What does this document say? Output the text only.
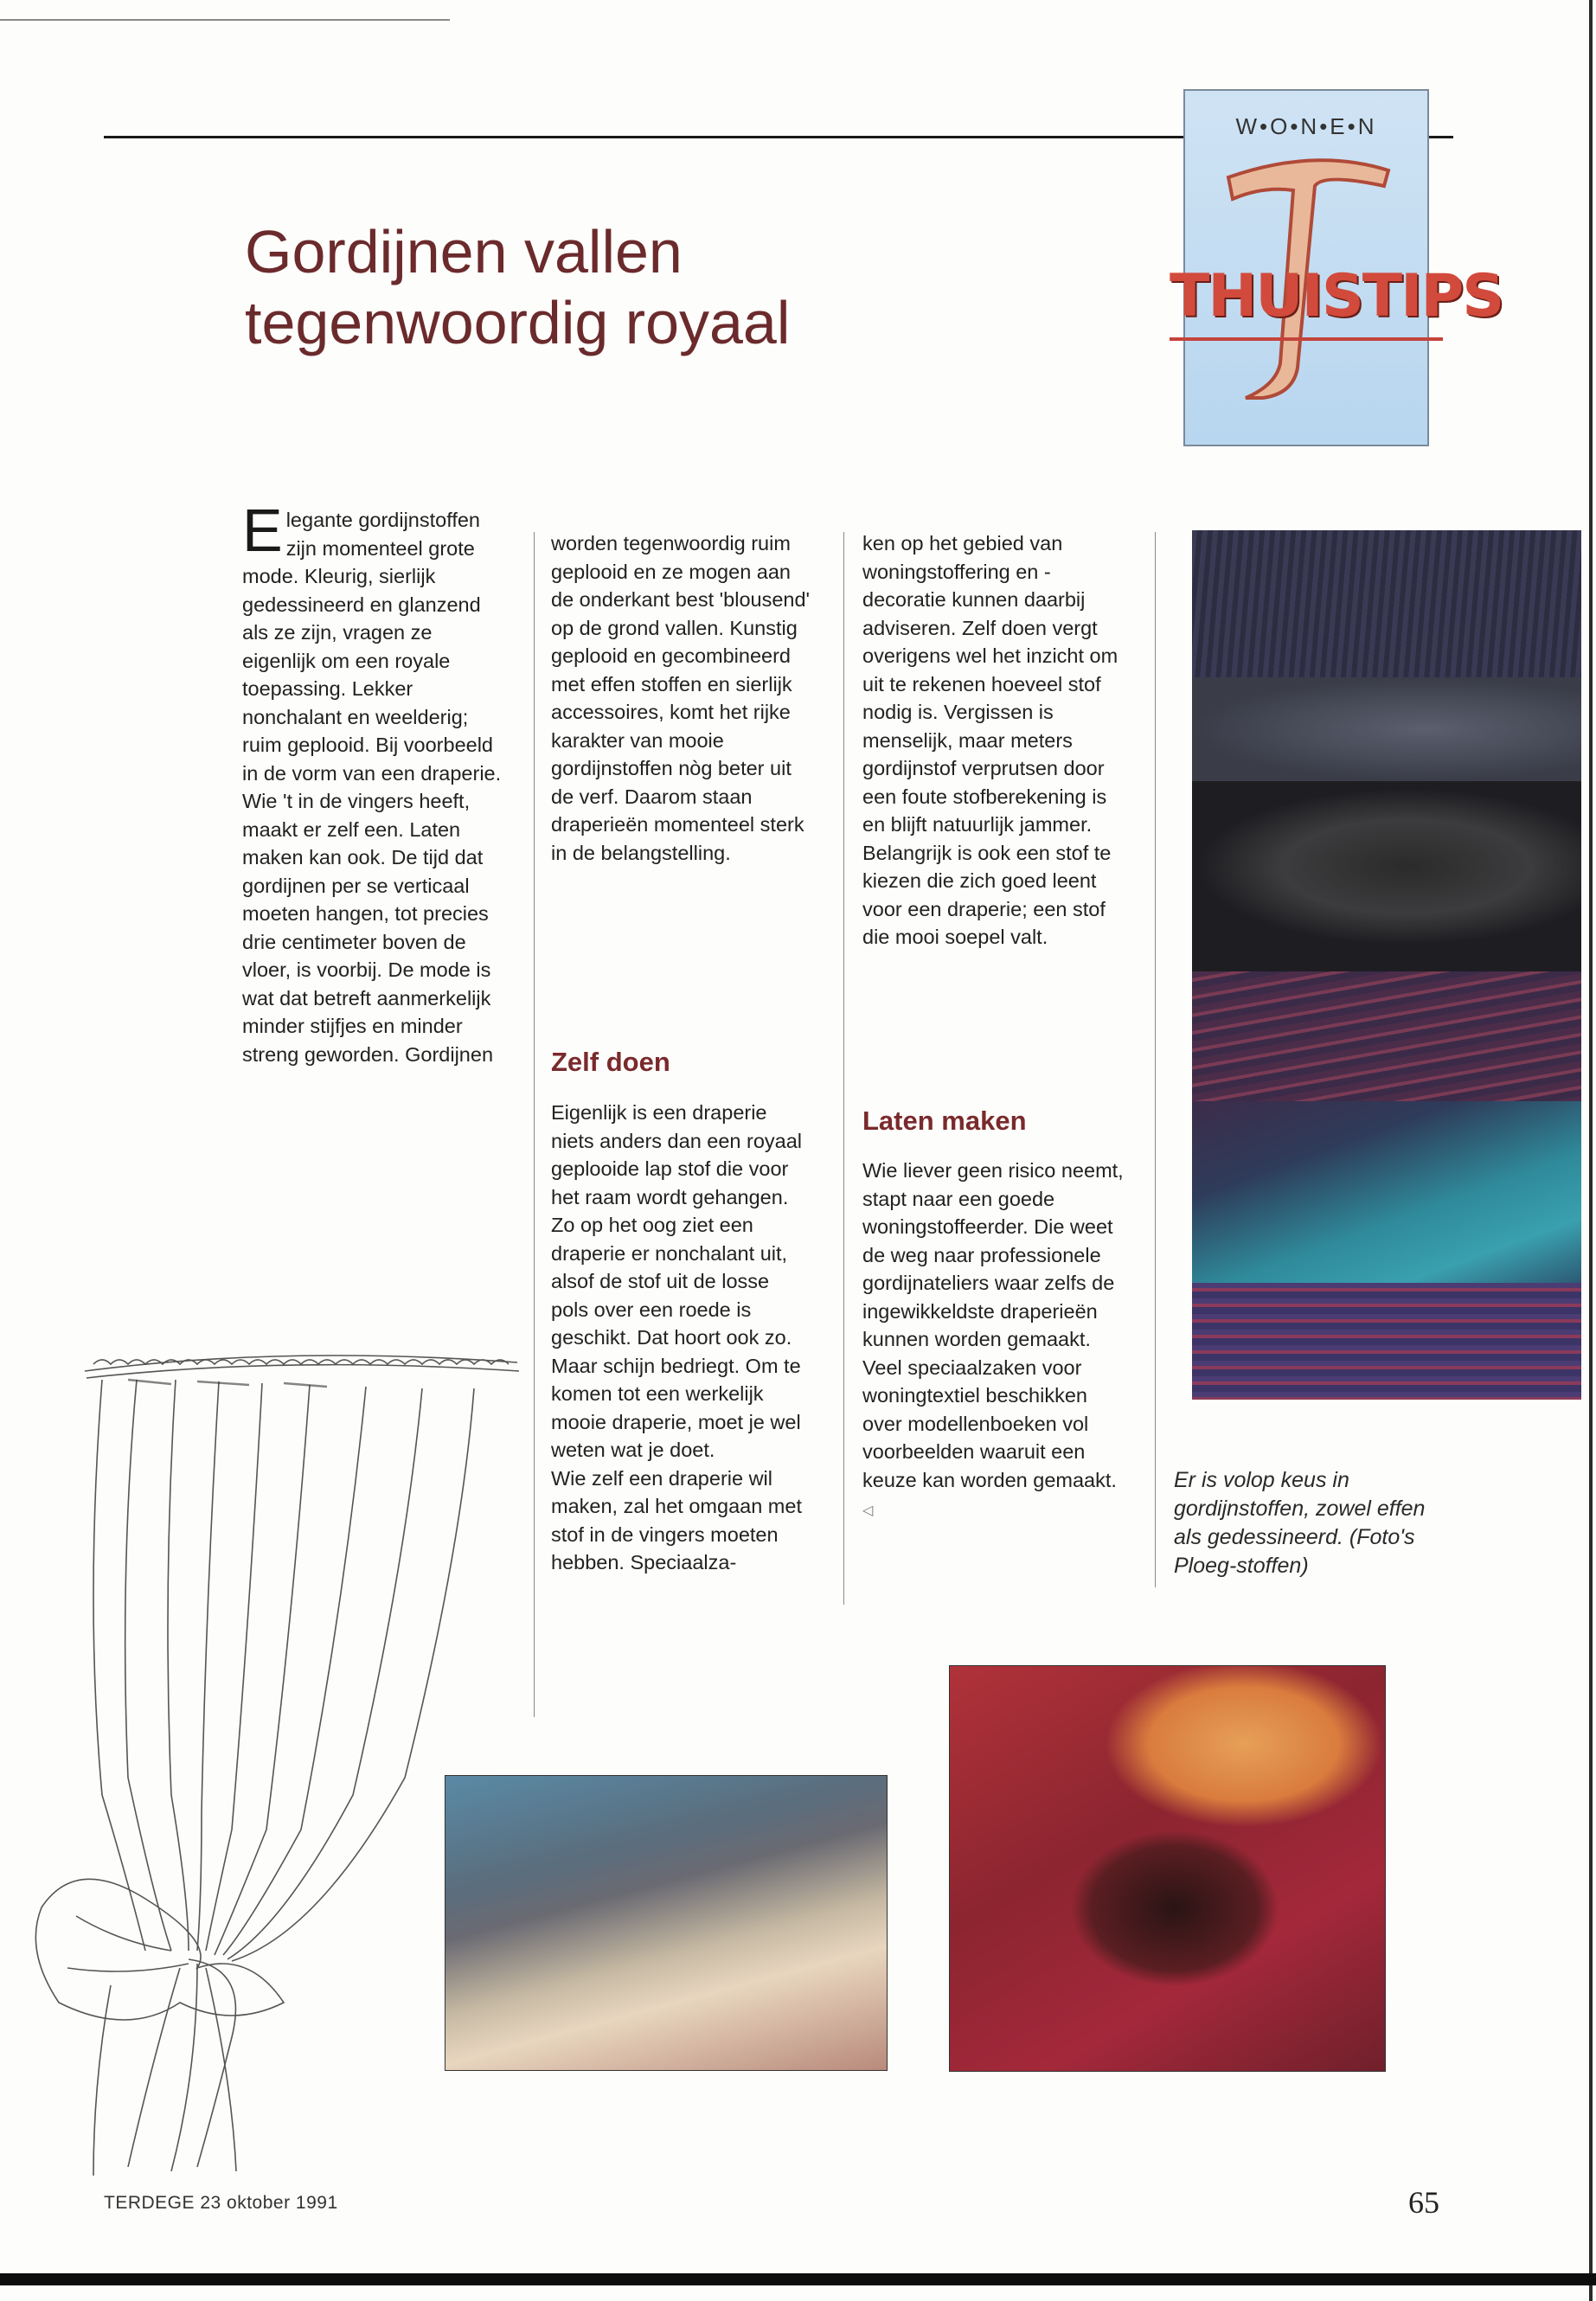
W•O•N•E•N
THUISTIPS
Gordijnen vallen tegenwoordig royaal
E legante gordijnstoffen zijn momenteel grote mode. Kleurig, sierlijk gedessineerd en glanzend als ze zijn, vragen ze eigenlijk om een royale toepassing. Lekker nonchalant en weelderig; ruim geplooid. Bij voorbeeld in de vorm van een draperie. Wie 't in de vingers heeft, maakt er zelf een. Laten maken kan ook. De tijd dat gordijnen per se verticaal moeten hangen, tot precies drie centimeter boven de vloer, is voorbij. De mode is wat dat betreft aanmerkelijk minder stijfjes en minder streng geworden. Gordijnen

worden tegenwoordig ruim geplooid en ze mogen aan de onderkant best 'blousend' op de grond vallen. Kunstig geplooid en gecombineerd met effen stoffen en sierlijk accessoires, komt het rijke karakter van mooie gordijnstoffen nòg beter uit de verf. Daarom staan draperieën momenteel sterk in de belangstelling.

Zelf doen

Eigenlijk is een draperie niets anders dan een royaal geplooide lap stof die voor het raam wordt gehangen. Zo op het oog ziet een draperie er nonchalant uit, alsof de stof uit de losse pols over een roede is geschikt. Dat hoort ook zo. Maar schijn bedriegt. Om te komen tot een werkelijk mooie draperie, moet je wel weten wat je doet.

Wie zelf een draperie wil maken, zal het omgaan met stof in de vingers moeten hebben. Speciaalza-

ken op het gebied van woningstoffering en -decoratie kunnen daarbij adviseren. Zelf doen vergt overigens wel het inzicht om uit te rekenen hoeveel stof nodig is. Vergissen is menselijk, maar meters gordijnstof verprutsen door een foute stofberekening is en blijft natuurlijk jammer. Belangrijk is ook een stof te kiezen die zich goed leent voor een draperie; een stof die mooi soepel valt.

Laten maken

Wie liever geen risico neemt, stapt naar een goede woningstoffeerder. Die weet de weg naar professionele gordijnateliers waar zelfs de ingewikkeldste draperieën kunnen worden gemaakt. Veel speciaalzaken voor woningtextiel beschikken over modellenboeken vol voorbeelden waaruit een keuze kan worden gemaakt. ◁

Er is volop keus in gordijnstoffen, zowel effen als gedessineerd. (Foto's Ploeg-stoffen)
TERDEGE 23 oktober 1991	65
